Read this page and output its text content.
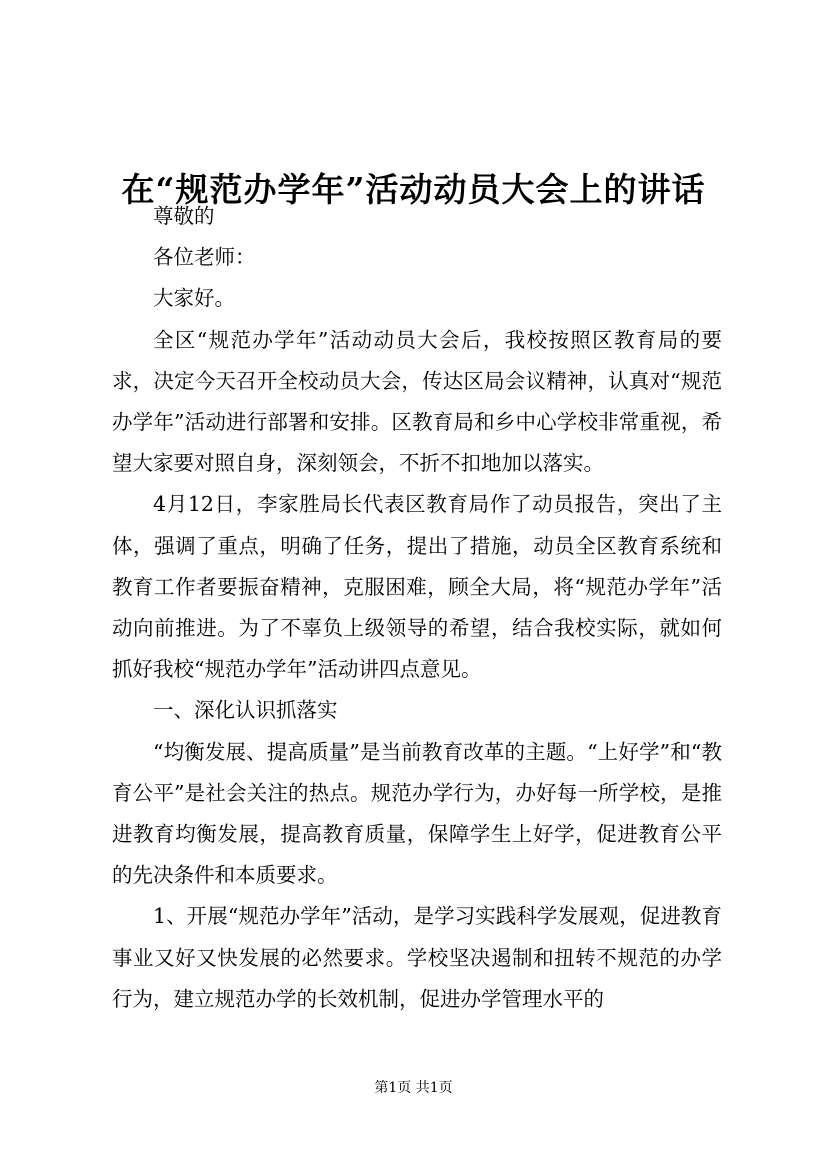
在“规范办学年”活动动员大会上的讲话

尊敬的

各位老师：

大家好。

全区“规范办学年”活动动员大会后，我校按照区教育局的要求，决定今天召开全校动员大会，传达区局会议精神，认真对“规范办学年”活动进行部署和安排。区教育局和乡中心学校非常重视，希望大家要对照自身，深刻领会，不折不扣地加以落实。

4月12日，李家胜局长代表区教育局作了动员报告，突出了主体，强调了重点，明确了任务，提出了措施，动员全区教育系统和教育工作者要振奋精神，克服困难，顾全大局，将“规范办学年”活动向前推进。为了不辜负上级领导的希望，结合我校实际，就如何抓好我校“规范办学年”活动讲四点意见。

一、深化认识抓落实

“均衡发展、提高质量”是当前教育改革的主题。“上好学”和“教育公平”是社会关注的热点。规范办学行为，办好每一所学校，是推进教育均衡发展，提高教育质量，保障学生上好学，促进教育公平的先决条件和本质要求。

1、开展“规范办学年”活动，是学习实践科学发展观，促进教育事业又好又快发展的必然要求。学校坚决遏制和扭转不规范的办学行为，建立规范办学的长效机制，促进办学管理水平的

第1页 共1页
